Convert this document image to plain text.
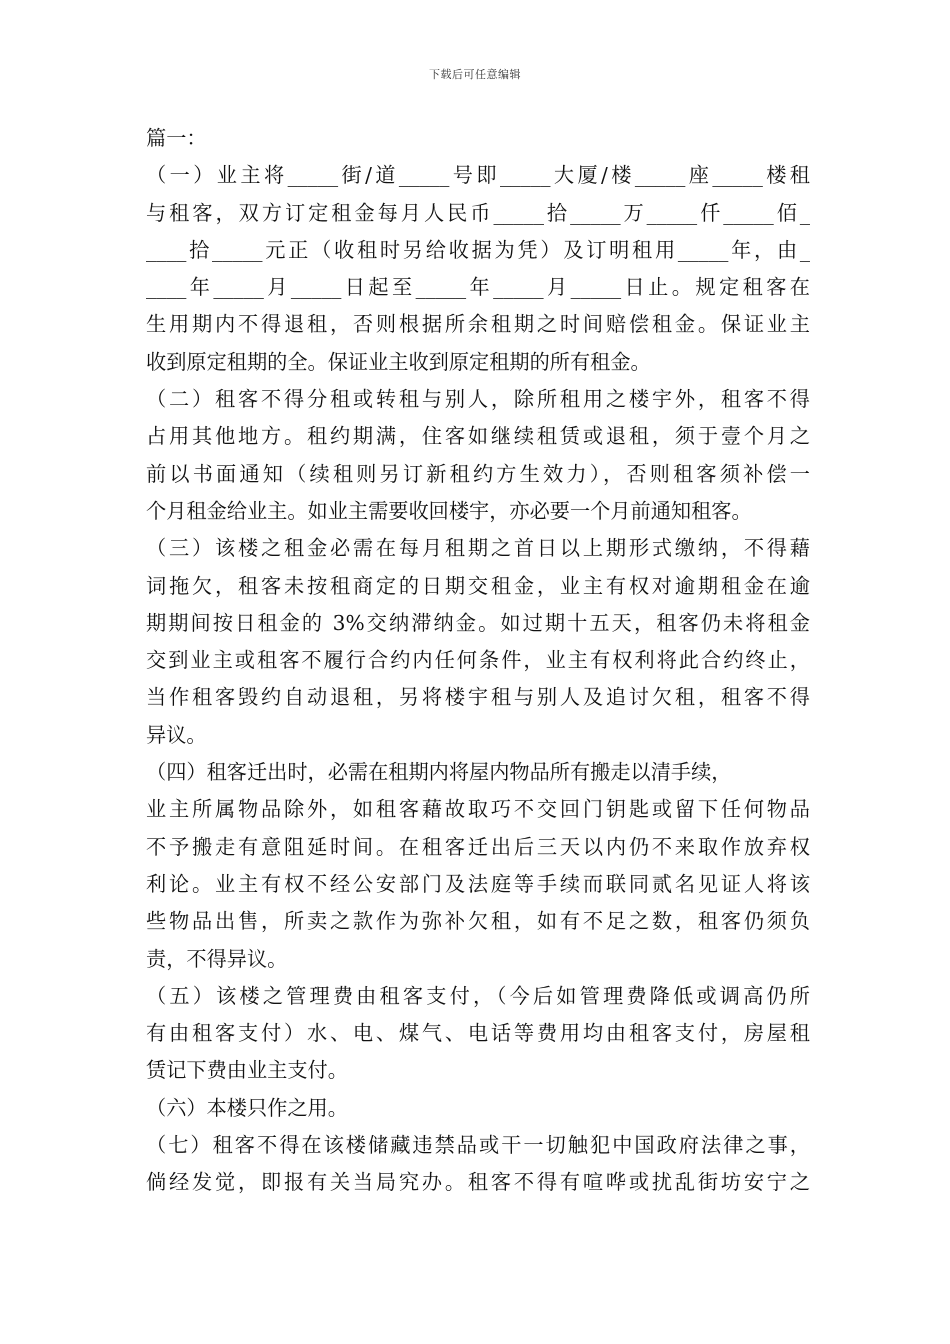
下载后可任意编辑
篇一：
（一）业主将_____街/道_____号即_____大厦/楼_____座_____楼租
与租客，双方订定租金每月人民币_____拾_____万_____仟_____佰_
____拾_____元正（收租时另给收据为凭）及订明租用_____年，由_
____年_____月_____日起至_____年_____月_____日止。规定租客在
生用期内不得退租，否则根据所余租期之时间赔偿租金。保证业主
收到原定租期的全。保证业主收到原定租期的所有租金。
（二）租客不得分租或转租与别人，除所租用之楼宇外，租客不得
占用其他地方。租约期满，住客如继续租赁或退租，须于壹个月之
前以书面通知（续租则另订新租约方生效力），否则租客须补偿一
个月租金给业主。如业主需要收回楼宇，亦必要一个月前通知租客。
（三）该楼之租金必需在每月租期之首日以上期形式缴纳，不得藉
词拖欠，租客未按租商定的日期交租金，业主有权对逾期租金在逾
期期间按日租金的 3%交纳滞纳金。如过期十五天，租客仍未将租金
交到业主或租客不履行合约内任何条件，业主有权利将此合约终止，
当作租客毁约自动退租，另将楼宇租与别人及追讨欠租，租客不得
异议。
（四）租客迁出时，必需在租期内将屋内物品所有搬走以清手续，
业主所属物品除外，如租客藉故取巧不交回门钥匙或留下任何物品
不予搬走有意阻延时间。在租客迁出后三天以内仍不来取作放弃权
利论。业主有权不经公安部门及法庭等手续而联同贰名见证人将该
些物品出售，所卖之款作为弥补欠租，如有不足之数，租客仍须负
责，不得异议。
（五）该楼之管理费由租客支付，（今后如管理费降低或调高仍所
有由租客支付）水、电、煤气、电话等费用均由租客支付，房屋租
赁记下费由业主支付。
（六）本楼只作之用。
（七）租客不得在该楼储藏违禁品或干一切触犯中国政府法律之事，
倘经发觉，即报有关当局究办。租客不得有喧哗或扰乱街坊安宁之
